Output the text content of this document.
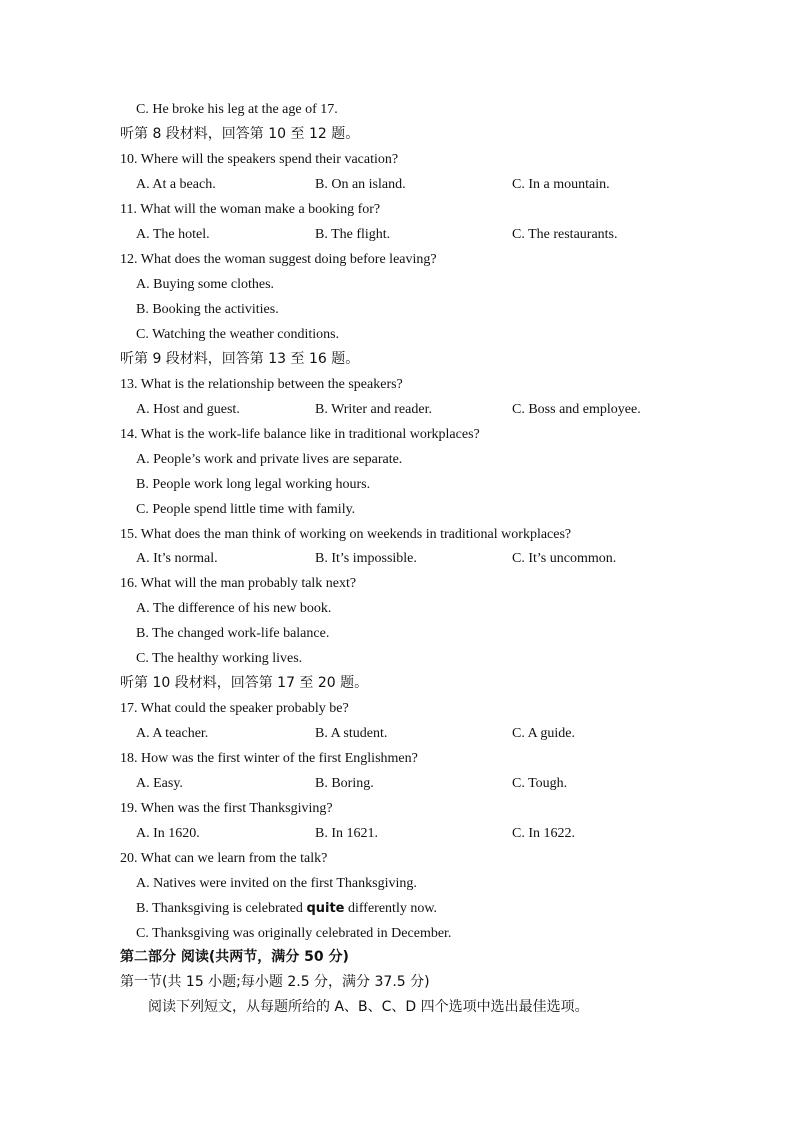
C. He broke his leg at the age of 17.
听第 8 段材料，回答第 10 至 12 题。
10. Where will the speakers spend their vacation?
A. At a beach.	B. On an island.	C. In a mountain.
11. What will the woman make a booking for?
A. The hotel.	B. The flight.	C. The restaurants.
12. What does the woman suggest doing before leaving?
A. Buying some clothes.
B. Booking the activities.
C. Watching the weather conditions.
听第 9 段材料，回答第 13 至 16 题。
13. What is the relationship between the speakers?
A. Host and guest.	B. Writer and reader.	C. Boss and employee.
14. What is the work-life balance like in traditional workplaces?
A. People’s work and private lives are separate.
B. People work long legal working hours.
C. People spend little time with family.
15. What does the man think of working on weekends in traditional workplaces?
A. It’s normal.	B. It’s impossible.	C. It’s uncommon.
16. What will the man probably talk next?
A. The difference of his new book.
B. The changed work-life balance.
C. The healthy working lives.
听第 10 段材料，回答第 17 至 20 题。
17. What could the speaker probably be?
A. A teacher.	B. A student.	C. A guide.
18. How was the first winter of the first Englishmen?
A. Easy.	B. Boring.	C. Tough.
19. When was the first Thanksgiving?
A. In 1620.	B. In 1621.	C. In 1622.
20. What can we learn from the talk?
A. Natives were invited on the first Thanksgiving.
B. Thanksgiving is celebrated quite differently now.
C. Thanksgiving was originally celebrated in December.
第二部分 阅读(共两节，满分 50 分)
第一节(共 15 小题;每小题 2.5 分，满分 37.5 分)
阅读下列短文，从每题所给的 A、B、C、D 四个选项中选出最佳选项。
